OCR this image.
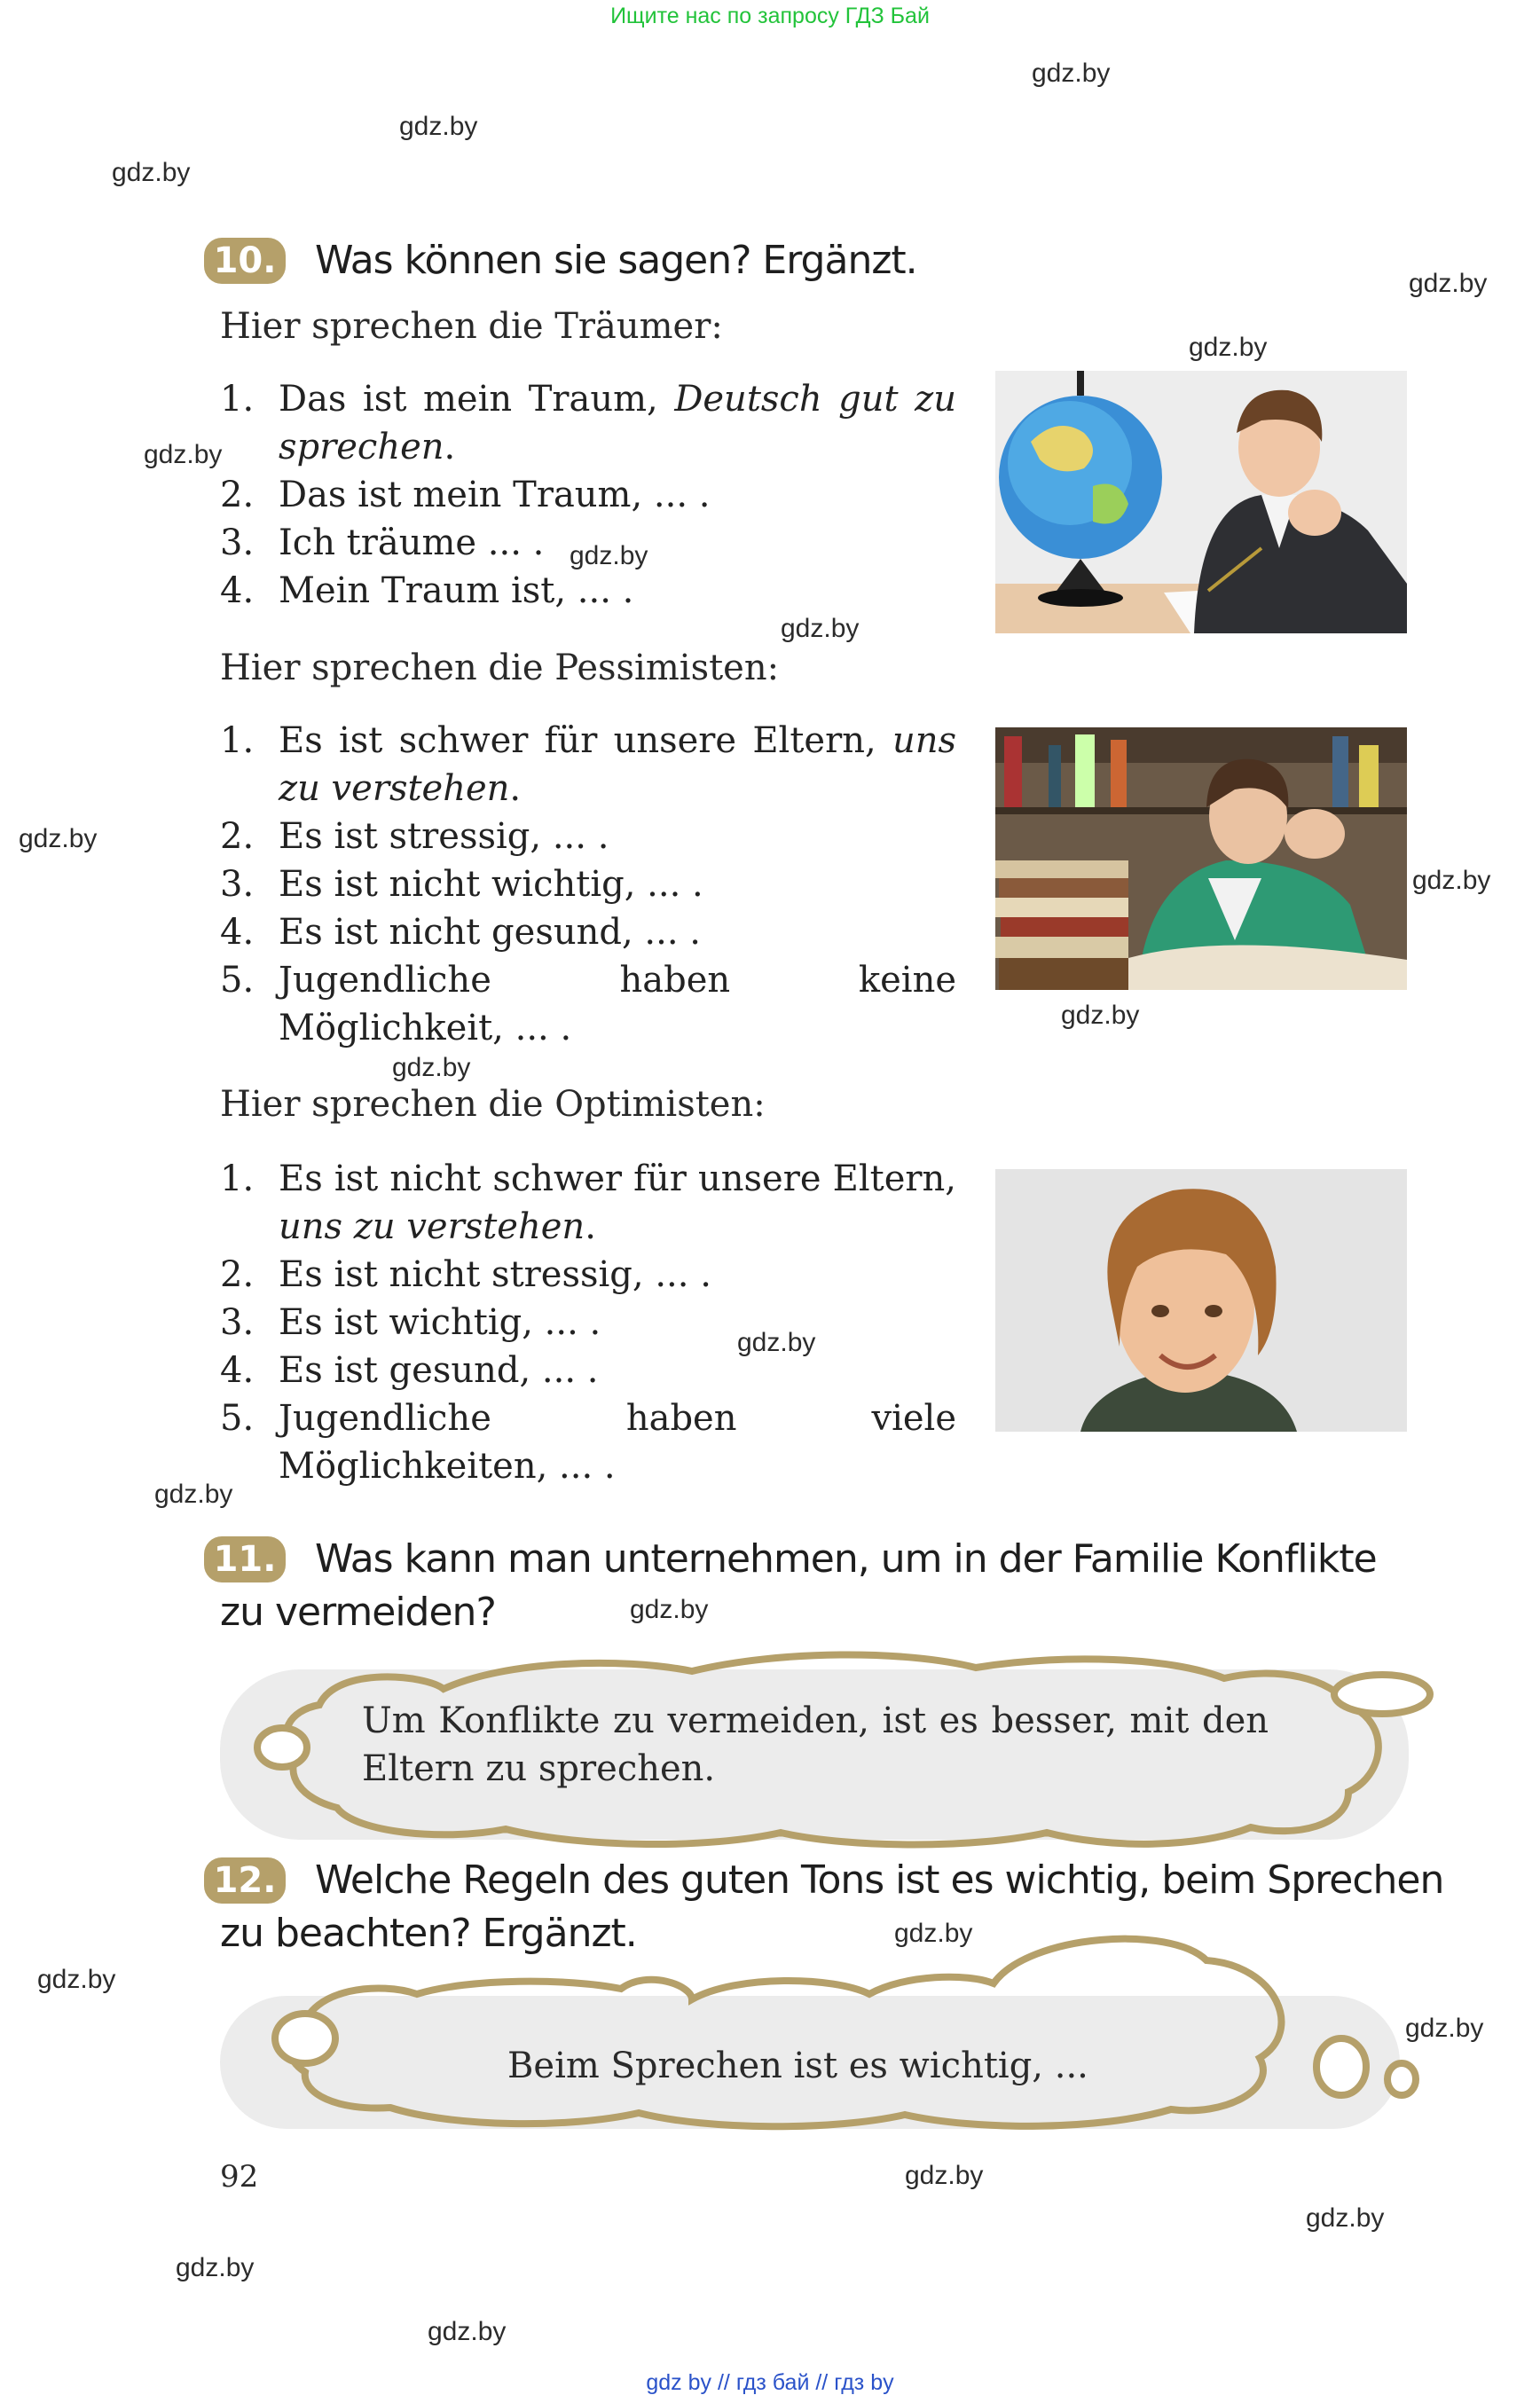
Ищите нас по запросу ГДЗ Бай
gdz.by
gdz.by
gdz.by
gdz.by
gdz.by
gdz.by
gdz.by
gdz.by
gdz.by
gdz.by
gdz.by
gdz.by
gdz.by
gdz.by
gdz.by
gdz.by
gdz.by
gdz.by
gdz.by
gdz.by
gdz.by
gdz.by
10. Was können sie sagen? Ergänzt.
Hier sprechen die Träumer:
1. Das ist mein Traum, Deutsch gut zu sprechen.
2. Das ist mein Traum, ... .
3. Ich träume ... .
4. Mein Traum ist, ... .
Hier sprechen die Pessimisten:
1. Es ist schwer für unsere Eltern, uns zu verstehen.
2. Es ist stressig, ... .
3. Es ist nicht wichtig, ... .
4. Es ist nicht gesund, ... .
5. Jugendliche haben keine Möglichkeit, ... .
Hier sprechen die Optimisten:
1. Es ist nicht schwer für unsere Eltern, uns zu verstehen.
2. Es ist nicht stressig, ... .
3. Es ist wichtig, ... .
4. Es ist gesund, ... .
5. Jugendliche haben viele Möglichkeiten, ... .
11. Was kann man unternehmen, um in der Familie Konflikte
zu vermeiden?
Um Konflikte zu vermeiden, ist es besser, mit den Eltern zu sprechen.
12. Welche Regeln des guten Tons ist es wichtig, beim Sprechen
zu beachten? Ergänzt.
Beim Sprechen ist es wichtig, ...
92
gdz by // гдз бай // гдз by
